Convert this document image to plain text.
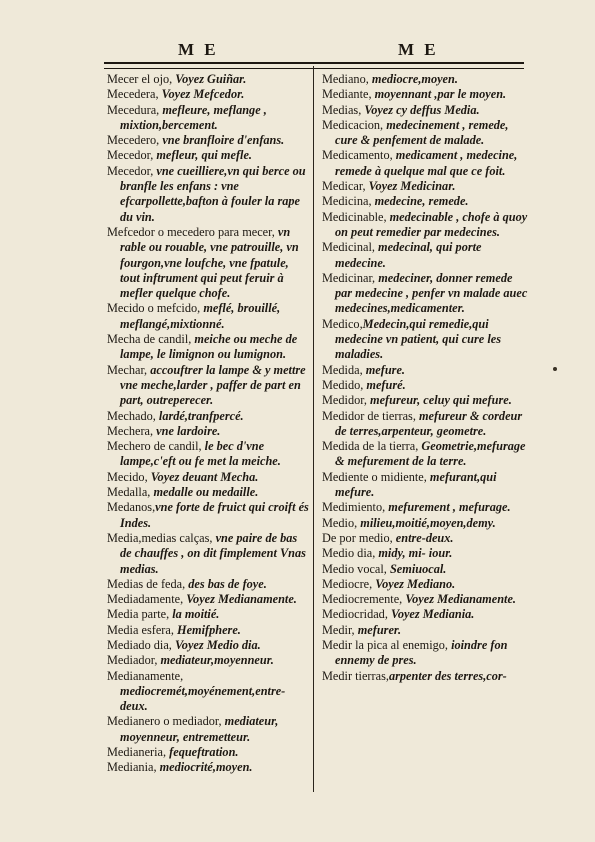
M E	M E

Mecer el ojo, Voyez Guiñar.

Mecedera, Voyez Mefcedor.

Mecedura, mefleure, meflange , mixtion,bercement.

Mecedero, vne branfloire d'enfans.

Mecedor, mefleur, qui mefle.

Mecedor, vne cueilliere,vn qui berce ou branfle les enfans : vne efcarpollette,bafton à fouler la rape du vin.

Mefcedor o mecedero para mecer, vn rable ou rouable, vne patrouille, vn fourgon,vne loufche, vne fpatule, tout inftrument qui peut feruir à mefler quelque chofe.

Mecido o mefcido, meflé, brouillé, meflangé,mixtionné.

Mecha de candil, meiche ou meche de lampe, le limignon ou lumignon.

Mechar, accouftrer la lampe & y mettre vne meche,larder , paffer de part en part, outreperecer.

Mechado, lardé,tranfpercé.

Mechera, vne lardoire.

Mechero de candil, le bec d'vne lampe,c'eft ou fe met la meiche.

Mecido, Voyez deuant Mecha.

Medalla, medalle ou medaille.

Medanos,vne forte de fruict qui croift és Indes.

Media,medias calças, vne paire de bas de chauffes , on dit fimplement Vnas medias.

Medias de feda, des bas de foye.

Mediadamente, Voyez Medianamente.

Media parte, la moitié.

Media esfera, Hemifphere.

Mediado dia, Voyez Medio dia.

Mediador, mediateur,moyenneur.

Medianamente, mediocremét,moyénement,entre-deux.

Medianero o mediador, mediateur, moyenneur, entremetteur.

Medianeria, fequeftration.

Mediania, mediocrité,moyen.

Mediano, mediocre,moyen.

Mediante, moyennant ,par le moyen.

Medias, Voyez cy deffus Media.

Medicacion, medecinement , remede, cure & penfement de malade.

Medicamento, medicament , medecine, remede à quelque mal que ce foit.

Medicar, Voyez Medicinar.

Medicina, medecine, remede.

Medicinable, medecinable , chofe à quoy on peut remedier par medecines.

Medicinal, medecinal, qui porte medecine.

Medicinar, medeciner, donner remede par medecine , penfer vn malade auec medecines,medicamenter.

Medico,Medecin,qui remedie,qui medecine vn patient, qui cure les maladies.

Medida, mefure.

Medido, mefuré.

Medidor, mefureur, celuy qui mefure.

Medidor de tierras, mefureur & cordeur de terres,arpenteur, geometre.

Medida de la tierra, Geometrie,mefurage & mefurement de la terre.

Mediente o midiente, mefurant,qui mefure.

Medimiento, mefurement , mefurage.

Medio, milieu,moitié,moyen,demy.

De por medio, entre-deux.

Medio dia, midy, mi- iour.

Medio vocal, Semiuocal.

Mediocre, Voyez Mediano.

Mediocremente, Voyez Medianamente.

Mediocridad, Voyez Mediania.

Medir, mefurer.

Medir la pica al enemigo, ioindre fon ennemy de pres.

Medir tierras,arpenter des terres,cor-
